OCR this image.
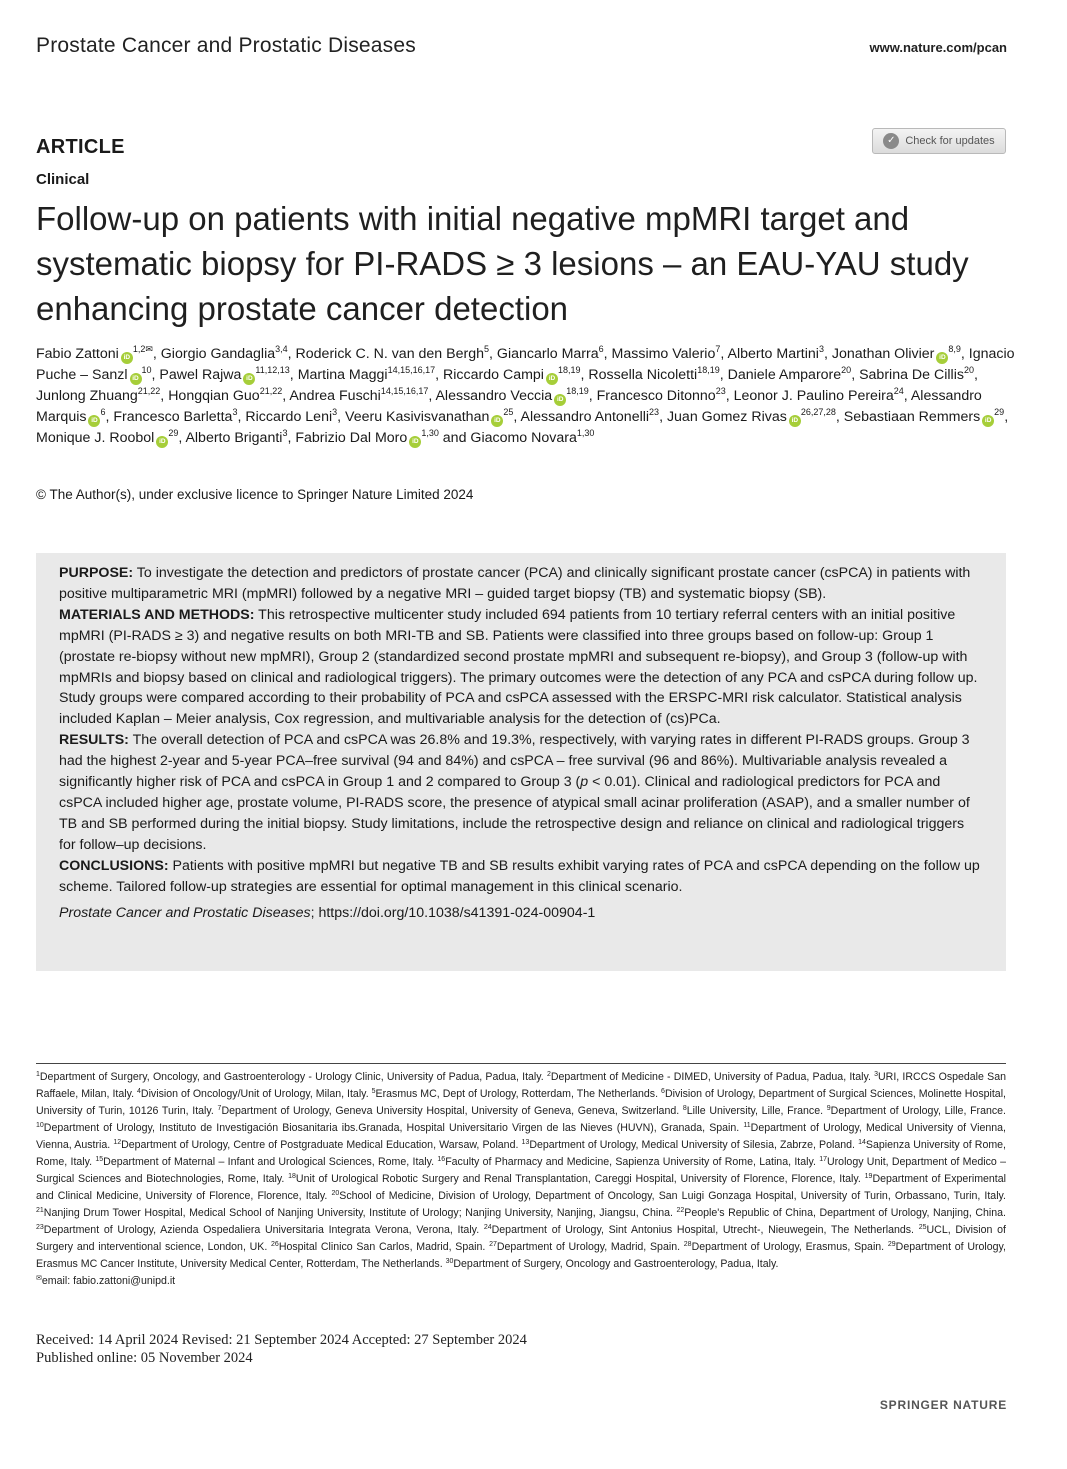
Prostate Cancer and Prostatic Diseases	www.nature.com/pcan
ARTICLE
Clinical
✓ Check for updates
Follow-up on patients with initial negative mpMRI target and systematic biopsy for PI-RADS ≥ 3 lesions – an EAU-YAU study enhancing prostate cancer detection
Fabio Zattoni $iD^{1,2✉}$, Giorgio Gandaglia$^{3,4}$, Roderick C. N. van den Bergh$^5$, Giancarlo Marra$^6$, Massimo Valerio$^7$, Alberto Martini$^3$, Jonathan Olivier iD$^{8,9}$, Ignacio Puche – Sanzl $iD^{10}$, Pawel Rajwa iD$^{11,12,13}$, Martina Maggi$^{14,15,16,17}$, Riccardo Campi iD$^{18,19}$, Rossella Nicoletti$^{18,19}$, Daniele Amparore$^{20}$, Sabrina De Cillis$^{20}$, Junlong Zhuang$^{21,22}$, Hongqian Guo$^{21,22}$, Andrea Fuschi$^{14,15,16,17}$, Alessandro Veccia iD$^{18,19}$, Francesco Ditonno$^{23}$, Leonor J. Paulino Pereira$^{24}$, Alessandro Marquis $iD^6$, Francesco Barletta$^3$, Riccardo Leni$^3$, Veeru Kasivisvanathan $iD^{25}$, Alessandro Antonelli$^{23}$, Juan Gomez Rivas iD$^{26,27,28}$, Sebastiaan Remmers $iD^{29}$, Monique J. Roobol $iD^{29}$, Alberto Briganti$^3$, Fabrizio Dal Moro iD$^{1,30}$ and Giacomo Novara$^{1,30}$
© The Author(s), under exclusive licence to Springer Nature Limited 2024

PURPOSE: To investigate the detection and predictors of prostate cancer (PCA) and clinically significant prostate cancer (csPCA) in patients with positive multiparametric MRI (mpMRI) followed by a negative MRI – guided target biopsy (TB) and systematic biopsy (SB).

MATERIALS AND METHODS: This retrospective multicenter study included 694 patients from 10 tertiary referral centers with an initial positive mpMRI (PI-RADS ≥ 3) and negative results on both MRI-TB and SB. Patients were classified into three groups based on follow-up: Group 1 (prostate re-biopsy without new mpMRI), Group 2 (standardized second prostate mpMRI and subsequent re-biopsy), and Group 3 (follow-up with mpMRIs and biopsy based on clinical and radiological triggers). The primary outcomes were the detection of any PCA and csPCA during follow up. Study groups were compared according to their probability of PCA and csPCA assessed with the ERSPC-MRI risk calculator. Statistical analysis included Kaplan – Meier analysis, Cox regression, and multivariable analysis for the detection of (cs)PCa.

RESULTS: The overall detection of PCA and csPCA was 26.8% and 19.3%, respectively, with varying rates in different PI-RADS groups. Group 3 had the highest 2-year and 5-year PCA–free survival (94 and 84%) and csPCA – free survival (96 and 86%). Multivariable analysis revealed a significantly higher risk of PCA and csPCA in Group 1 and 2 compared to Group 3 (p < 0.01). Clinical and radiological predictors for PCA and csPCA included higher age, prostate volume, PI-RADS score, the presence of atypical small acinar proliferation (ASAP), and a smaller number of TB and SB performed during the initial biopsy. Study limitations, include the retrospective design and reliance on clinical and radiological triggers for follow–up decisions.

CONCLUSIONS: Patients with positive mpMRI but negative TB and SB results exhibit varying rates of PCA and csPCA depending on the follow up scheme. Tailored follow-up strategies are essential for optimal management in this clinical scenario.

Prostate Cancer and Prostatic Diseases; https://doi.org/10.1038/s41391-024-00904-1

$^1$Department of Surgery, Oncology, and Gastroenterology - Urology Clinic, University of Padua, Padua, Italy. $^2$Department of Medicine - DIMED, University of Padua, Padua, Italy. $^3$URI, IRCCS Ospedale San Raffaele, Milan, Italy. $^4$Division of Oncology/Unit of Urology, Milan, Italy. $^5$Erasmus MC, Dept of Urology, Rotterdam, The Netherlands. $^6$Division of Urology, Department of Surgical Sciences, Molinette Hospital, University of Turin, 10126 Turin, Italy. $^7$Department of Urology, Geneva University Hospital, University of Geneva, Geneva, Switzerland. $^8$Lille University, Lille, France. $^9$Department of Urology, Lille, France. $^{10}$Department of Urology, Instituto de Investigación Biosanitaria ibs.Granada, Hospital Universitario Virgen de las Nieves (HUVN), Granada, Spain. $^{11}$Department of Urology, Medical University of Vienna, Vienna, Austria. $^{12}$Department of Urology, Centre of Postgraduate Medical Education, Warsaw, Poland. $^{13}$Department of Urology, Medical University of Silesia, Zabrze, Poland. $^{14}$Sapienza University of Rome, Rome, Italy. $^{15}$Department of Maternal – Infant and Urological Sciences, Rome, Italy. $^{16}$Faculty of Pharmacy and Medicine, Sapienza University of Rome, Latina, Italy. $^{17}$Urology Unit, Department of Medico – Surgical Sciences and Biotechnologies, Rome, Italy. $^{18}$Unit of Urological Robotic Surgery and Renal Transplantation, Careggi Hospital, University of Florence, Florence, Italy. $^{19}$Department of Experimental and Clinical Medicine, University of Florence, Florence, Italy. $^{20}$School of Medicine, Division of Urology, Department of Oncology, San Luigi Gonzaga Hospital, University of Turin, Orbassano, Turin, Italy. $^{21}$Nanjing Drum Tower Hospital, Medical School of Nanjing University, Institute of Urology; Nanjing University, Nanjing, Jiangsu, China. $^{22}$People's Republic of China, Department of Urology, Nanjing, China. $^{23}$Department of Urology, Azienda Ospedaliera Universitaria Integrata Verona, Verona, Italy. $^{24}$Department of Urology, Sint Antonius Hospital, Utrecht-, Nieuwegein, The Netherlands. $^{25}$UCL, Division of Surgery and interventional science, London, UK. $^{26}$Hospital Clinico San Carlos, Madrid, Spain. $^{27}$Department of Urology, Madrid, Spain. $^{28}$Department of Urology, Erasmus, Spain. $^{29}$Department of Urology, Erasmus MC Cancer Institute, University Medical Center, Rotterdam, The Netherlands. $^{30}$Department of Surgery, Oncology and Gastroenterology, Padua, Italy.
✉email: fabio.zattoni@unipd.it
Received: 14 April 2024 Revised: 21 September 2024 Accepted: 27 September 2024
Published online: 05 November 2024
SPRINGER NATURE
